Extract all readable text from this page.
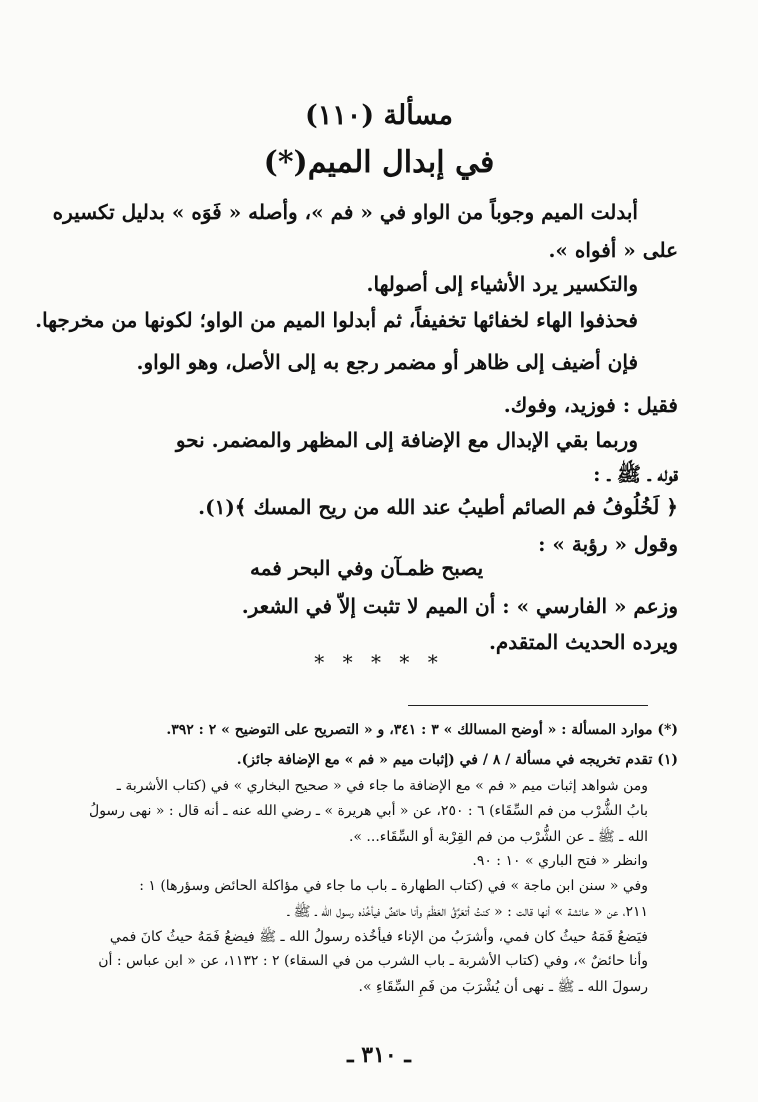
مسألة (١١٠)
في إبدال الميم(*)
أبدلت الميم وجوباً من الواو في « فم »، وأصله « فَوَه » بدليل تكسيره
على « أفواه ».
والتكسير يرد الأشياء إلى أصولها.
فحذفوا الهاء لخفائها تخفيفاً، ثم أبدلوا الميم من الواو؛ لكونها من مخرجها.
فإن أضيف إلى ظاهر أو مضمر رجع به إلى الأصل، وهو الواو.
فقيل : فوزيد، وفوك.
وربما بقي الإبدال مع الإضافة إلى المظهر والمضمر. نحو
قوله ـ ﷺ ـ :
﴿ لَخُلُوفُ فم الصائم أطيبُ عند الله من ريح المسك ﴾(١).
وقول « رؤبة » :
يصبح ظمـآن وفي البحر فمه
وزعم « الفارسي » : أن الميم لا تثبت إلاّ في الشعر.
ويرده الحديث المتقدم.
* * * * *
(*) موارد المسألة : « أوضح المسالك » ٣ : ٣٤١، و « التصريح على التوضيح » ٢ : ٣٩٢.
(١) تقدم تخريجه في مسألة / ٨ / في (إثبات ميم « فم » مع الإضافة جائز).
ومن شواهد إثبات ميم « فم » مع الإضافة ما جاء في « صحيح البخاري » في (كتاب الأشربة ـ
بابُ الشُّرْب من فم السِّقَاء) ٦ : ٢٥٠، عن « أبي هريرة » ـ رضي الله عنه ـ أنه قال : « نهى رسولُ
الله ـ ﷺ ـ عن الشُّرْب من فم القِرْبة أو السِّقَاء... ».
وانظر « فتح الباري » ١٠ : ٩٠.
وفي « سنن ابن ماجة » في (كتاب الطهارة ـ باب ما جاء في مؤاكلة الحائض وسؤرها) ١ :
٢١١، عن « عائشة » أنها قالت : « كنتُ أتعَرَّقُ العَظْمَ وأنا حائضٌ فيأخُذه رسول الله ـ ﷺ ـ
فيَضعُ فَمَهُ حيثُ كان فمي، وأشرَبُ من الإناء فيأخُذه رسولُ الله ـ ﷺ فيضعُ فَمَهُ حيثُ كانَ فمي
وأنا حائضٌ »، وفي (كتاب الأشربة ـ باب الشرب من في السقاء) ٢ : ١١٣٢، عن « ابن عباس : أن
رسولَ الله ـ ﷺ ـ نهى أن يُشْرَبَ من فَمِ السِّقَاءِ ».
ـ ٣١٠ ـ
